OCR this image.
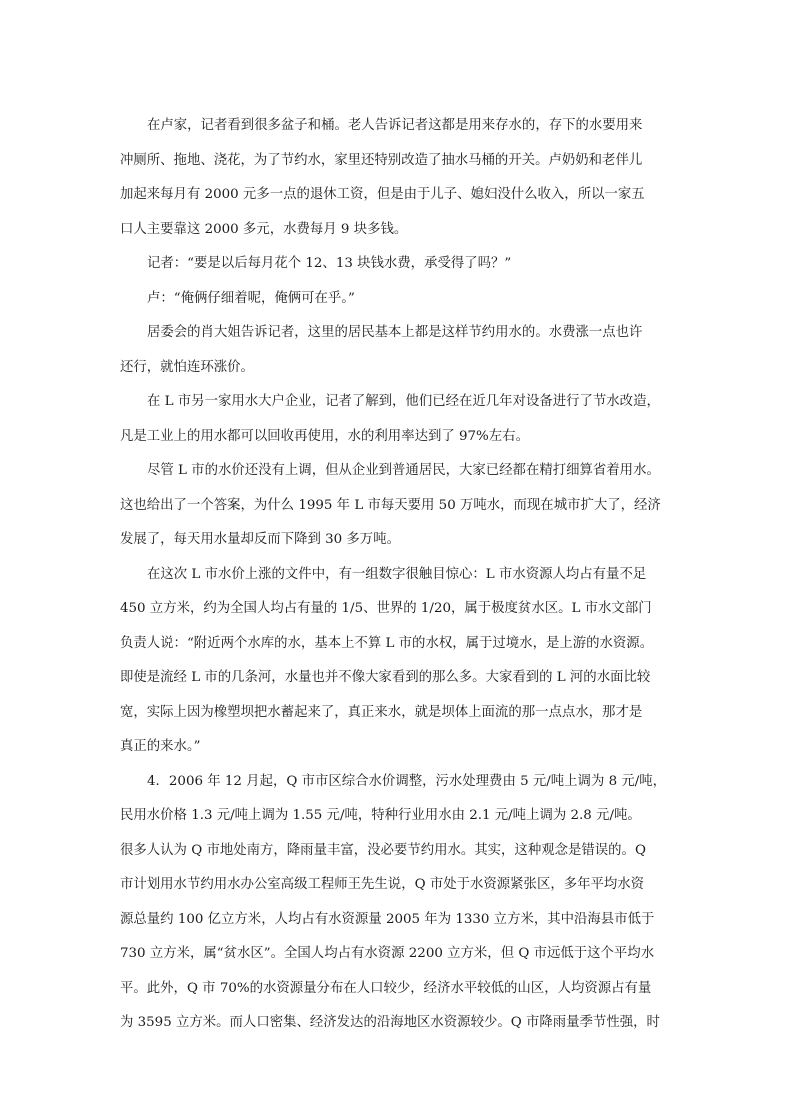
在卢家，记者看到很多盆子和桶。老人告诉记者这都是用来存水的，存下的水要用来
冲厕所、拖地、浇花，为了节约水，家里还特别改造了抽水马桶的开关。卢奶奶和老伴儿
加起来每月有 2000 元多一点的退休工资，但是由于儿子、媳妇没什么收入，所以一家五
口人主要靠这 2000 多元，水费每月 9 块多钱。

记者：“要是以后每月花个 12、13 块钱水费，承受得了吗？”

卢：“俺俩仔细着呢，俺俩可在乎。”

居委会的肖大姐告诉记者，这里的居民基本上都是这样节约用水的。水费涨一点也许
还行，就怕连环涨价。

在 L 市另一家用水大户企业，记者了解到，他们已经在近几年对设备进行了节水改造，
凡是工业上的用水都可以回收再使用，水的利用率达到了 97%左右。

尽管 L 市的水价还没有上调，但从企业到普通居民，大家已经都在精打细算省着用水。
这也给出了一个答案，为什么 1995 年 L 市每天要用 50 万吨水，而现在城市扩大了，经济
发展了，每天用水量却反而下降到 30 多万吨。

在这次 L 市水价上涨的文件中，有一组数字很触目惊心：L 市水资源人均占有量不足
450 立方米，约为全国人均占有量的 1/5、世界的 1/20，属于极度贫水区。L 市水文部门
负责人说：“附近两个水库的水，基本上不算 L 市的水权，属于过境水，是上游的水资源。
即使是流经 L 市的几条河，水量也并不像大家看到的那么多。大家看到的 L 河的水面比较
宽，实际上因为橡塑坝把水蓄起来了，真正来水，就是坝体上面流的那一点点水，那才是
真正的来水。”

4．2006 年 12 月起，Q 市市区综合水价调整，污水处理费由 5 元/吨上调为 8 元/吨，
民用水价格 1.3 元/吨上调为 1.55 元/吨，特种行业用水由 2.1 元/吨上调为 2.8 元/吨。
很多人认为 Q 市地处南方，降雨量丰富，没必要节约用水。其实，这种观念是错误的。Q
市计划用水节约用水办公室高级工程师王先生说，Q 市处于水资源紧张区，多年平均水资
源总量约 100 亿立方米，人均占有水资源量 2005 年为 1330 立方米，其中沿海县市低于
730 立方米，属“贫水区”。全国人均占有水资源 2200 立方米，但 Q 市远低于这个平均水
平。此外，Q 市 70%的水资源量分布在人口较少，经济水平较低的山区，人均资源占有量
为 3595 立方米。而人口密集、经济发达的沿海地区水资源较少。Q 市降雨量季节性强，时
